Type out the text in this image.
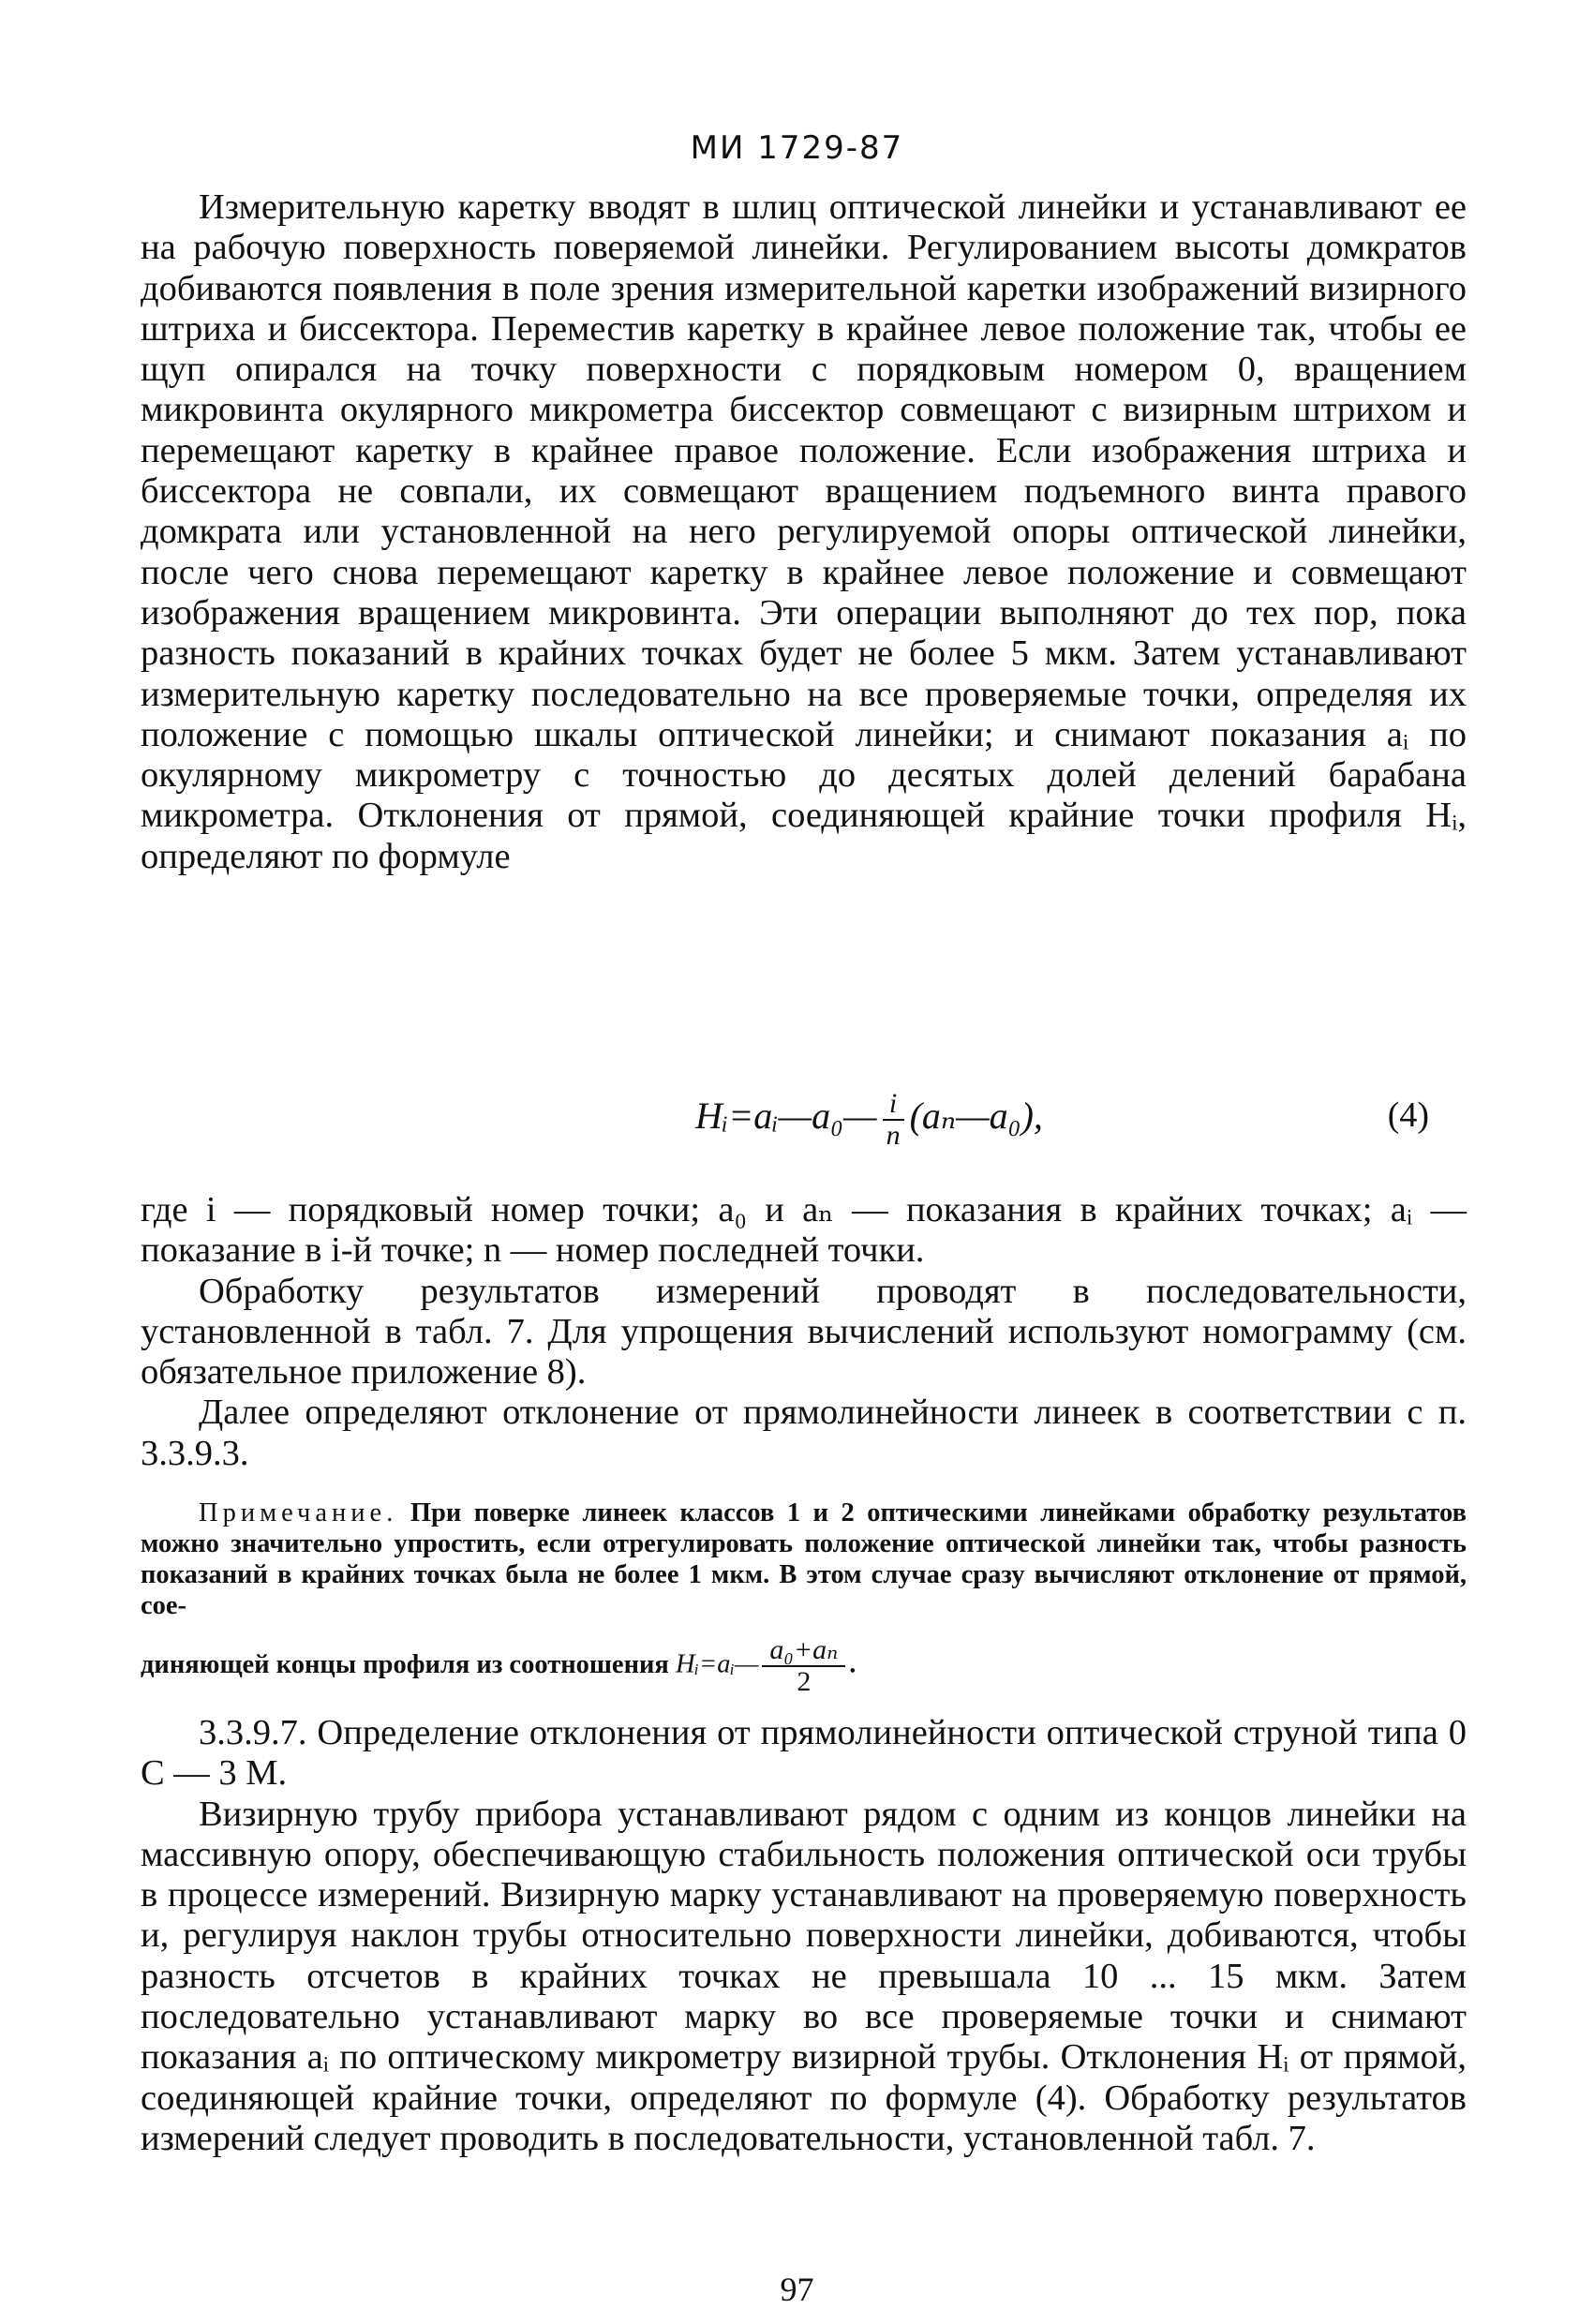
МИ 1729-87

Измерительную каретку вводят в шлиц оптической линейки и устанавливают ее на рабочую поверхность поверяемой линейки. Регулированием высоты домкратов добиваются появления в поле зрения измерительной каретки изображений визирного штриха и биссектора. Переместив каретку в крайнее левое положение так, чтобы ее щуп опирался на точку поверхности с порядковым номером 0, вращением микровинта окулярного микрометра биссектор совмещают с визирным штрихом и перемещают каретку в крайнее правое положение. Если изображения штриха и биссектора не совпали, их совмещают вращением подъемного винта правого домкрата или установленной на него регулируемой опоры оптической линейки, после чего снова перемещают каретку в крайнее левое положение и совмещают изображения вращением микровинта. Эти операции выполняют до тех пор, пока разность показаний в крайних точках будет не более 5 мкм. Затем устанавливают измерительную каретку последовательно на все проверяемые точки, определяя их положение с помощью шкалы оптической линейки; и снимают показания aᵢ по окулярному микрометру с точностью до десятых долей делений барабана микрометра. Отклонения от прямой, соединяющей крайние точки профиля Hᵢ, определяют по формуле

Hᵢ=aᵢ—a₀— $\frac{i}{n}$ (aₙ—a₀),	(4)

где i — порядковый номер точки; a₀ и aₙ — показания в крайних точках; aᵢ — показание в i-й точке; n — номер последней точки.

Обработку результатов измерений проводят в последовательности, установленной в табл. 7. Для упрощения вычислений используют номограмму (см. обязательное приложение 8).

Далее определяют отклонение от прямолинейности линеек в соответствии с п. 3.3.9.3.

Примечание. При поверке линеек классов 1 и 2 оптическими линейками обработку результатов можно значительно упростить, если отрегулировать положение оптической линейки так, чтобы разность показаний в крайних точках была не более 1 мкм. В этом случае сразу вычисляют отклонение от прямой, сое-

диняющей концы профиля из соотношения Hᵢ=aᵢ— $\frac{\text{a₀+aₙ}}{2}$ .

3.3.9.7. Определение отклонения от прямолинейности оптической струной типа 0 С — 3 М.

Визирную трубу прибора устанавливают рядом с одним из концов линейки на массивную опору, обеспечивающую стабильность положения оптической оси трубы в процессе измерений. Визирную марку устанавливают на проверяемую поверхность и, регулируя наклон трубы относительно поверхности линейки, добиваются, чтобы разность отсчетов в крайних точках не превышала 10 ... 15 мкм. Затем последовательно устанавливают марку во все проверяемые точки и снимают показания aᵢ по оптическому микрометру визирной трубы. Отклонения Hᵢ от прямой, соединяющей крайние точки, определяют по формуле (4). Обработку результатов измерений следует проводить в последовательности, установленной табл. 7.

97
